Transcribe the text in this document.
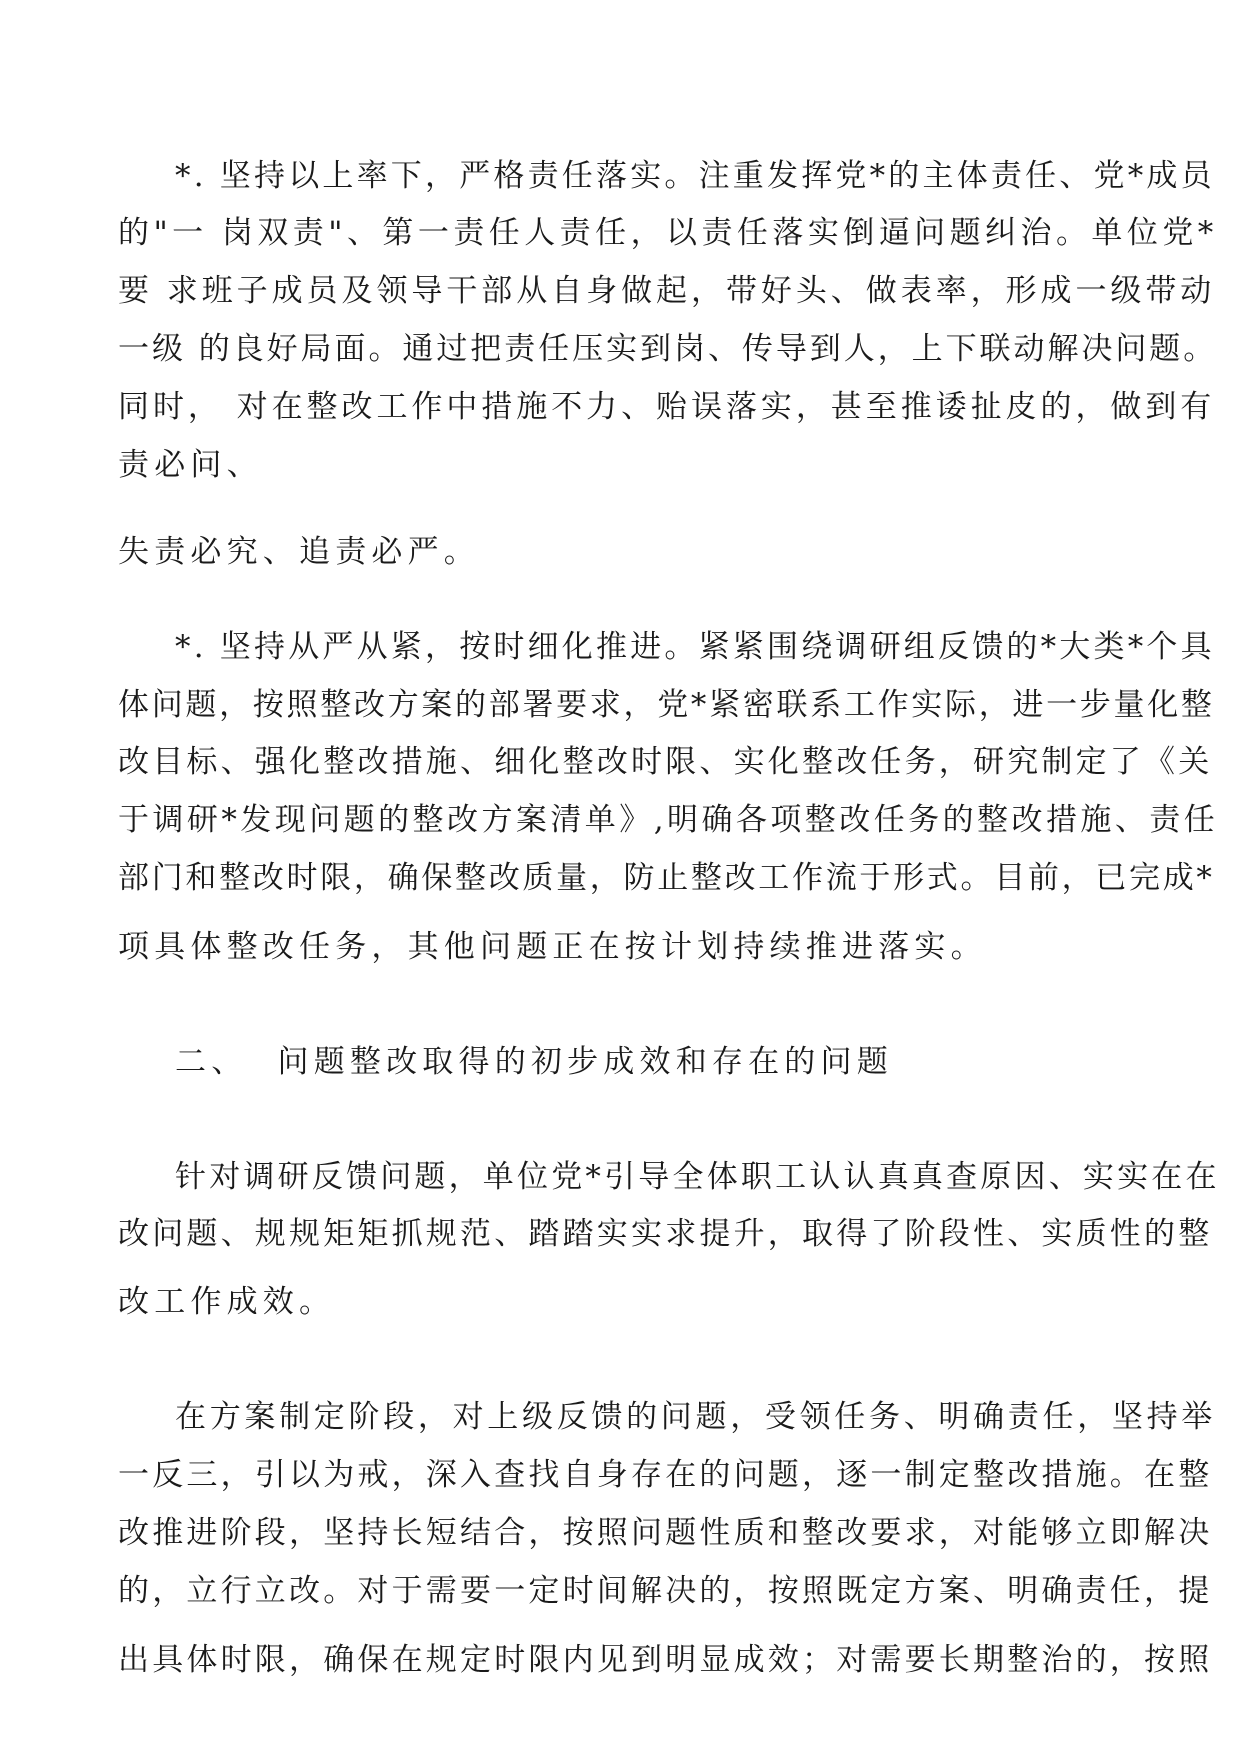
*. 坚持以上率下，严格责任落实。注重发挥党*的主体责任、党*成员
的"一 岗双责"、第一责任人责任，以责任落实倒逼问题纠治。单位党*
要 求班子成员及领导干部从自身做起，带好头、做表率，形成一级带动
一级 的良好局面。通过把责任压实到岗、传导到人，上下联动解决问题。
同时， 对在整改工作中措施不力、贻误落实，甚至推诿扯皮的，做到有
责必问、
失责必究、追责必严。
*. 坚持从严从紧，按时细化推进。紧紧围绕调研组反馈的*大类*个具
体问题，按照整改方案的部署要求，党*紧密联系工作实际，进一步量化整
改目标、强化整改措施、细化整改时限、实化整改任务，研究制定了《关
于调研*发现问题的整改方案清单》,明确各项整改任务的整改措施、责任
部门和整改时限，确保整改质量，防止整改工作流于形式。目前，已完成*
项具体整改任务，其他问题正在按计划持续推进落实。
二、  问题整改取得的初步成效和存在的问题
针对调研反馈问题，单位党*引导全体职工认认真真查原因、实实在在
改问题、规规矩矩抓规范、踏踏实实求提升，取得了阶段性、实质性的整
改工作成效。
在方案制定阶段，对上级反馈的问题，受领任务、明确责任，坚持举
一反三，引以为戒，深入查找自身存在的问题，逐一制定整改措施。在整
改推进阶段，坚持长短结合，按照问题性质和整改要求，对能够立即解决
的，立行立改。对于需要一定时间解决的，按照既定方案、明确责任，提
出具体时限，确保在规定时限内见到明显成效；对需要长期整治的，按照
